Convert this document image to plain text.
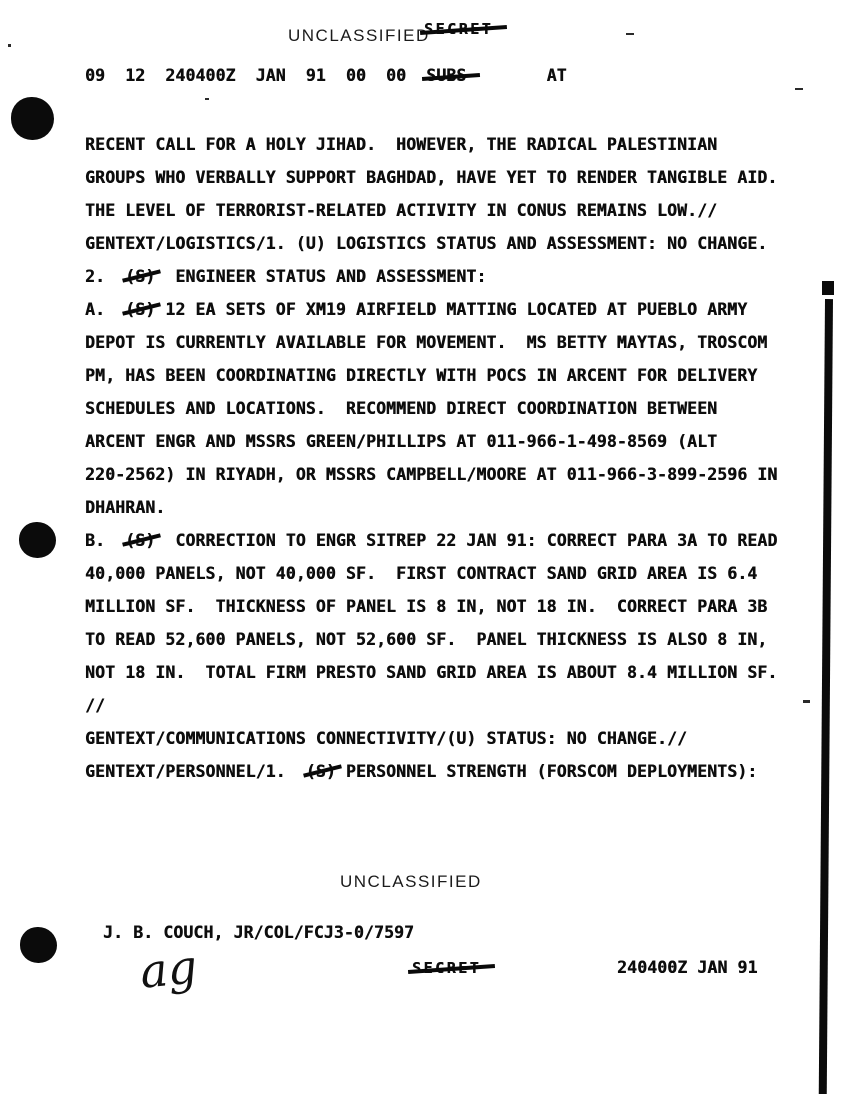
UNCLASSIFIED
SECRET
09  12  240400Z  JAN  91  00  00  SUBS        AT
RECENT CALL FOR A HOLY JIHAD.  HOWEVER, THE RADICAL PALESTINIAN
GROUPS WHO VERBALLY SUPPORT BAGHDAD, HAVE YET TO RENDER TANGIBLE AID.
THE LEVEL OF TERRORIST-RELATED ACTIVITY IN CONUS REMAINS LOW.//
GENTEXT/LOGISTICS/1. (U) LOGISTICS STATUS AND ASSESSMENT: NO CHANGE.
2.  (S)  ENGINEER STATUS AND ASSESSMENT:
A.  (S) 12 EA SETS OF XM19 AIRFIELD MATTING LOCATED AT PUEBLO ARMY
DEPOT IS CURRENTLY AVAILABLE FOR MOVEMENT.  MS BETTY MAYTAS, TROSCOM
PM, HAS BEEN COORDINATING DIRECTLY WITH POCS IN ARCENT FOR DELIVERY
SCHEDULES AND LOCATIONS.  RECOMMEND DIRECT COORDINATION BETWEEN
ARCENT ENGR AND MSSRS GREEN/PHILLIPS AT 011-966-1-498-8569 (ALT
220-2562) IN RIYADH, OR MSSRS CAMPBELL/MOORE AT 011-966-3-899-2596 IN
DHAHRAN.
B.  (S)  CORRECTION TO ENGR SITREP 22 JAN 91: CORRECT PARA 3A TO READ
40,000 PANELS, NOT 40,000 SF.  FIRST CONTRACT SAND GRID AREA IS 6.4
MILLION SF.  THICKNESS OF PANEL IS 8 IN, NOT 18 IN.  CORRECT PARA 3B
TO READ 52,600 PANELS, NOT 52,600 SF.  PANEL THICKNESS IS ALSO 8 IN,
NOT 18 IN.  TOTAL FIRM PRESTO SAND GRID AREA IS ABOUT 8.4 MILLION SF.
//
GENTEXT/COMMUNICATIONS CONNECTIVITY/(U) STATUS: NO CHANGE.//
GENTEXT/PERSONNEL/1.  (S) PERSONNEL STRENGTH (FORSCOM DEPLOYMENTS):
UNCLASSIFIED
J. B. COUCH, JR/COL/FCJ3-0/7597
ag	SECRET	240400Z JAN 91
